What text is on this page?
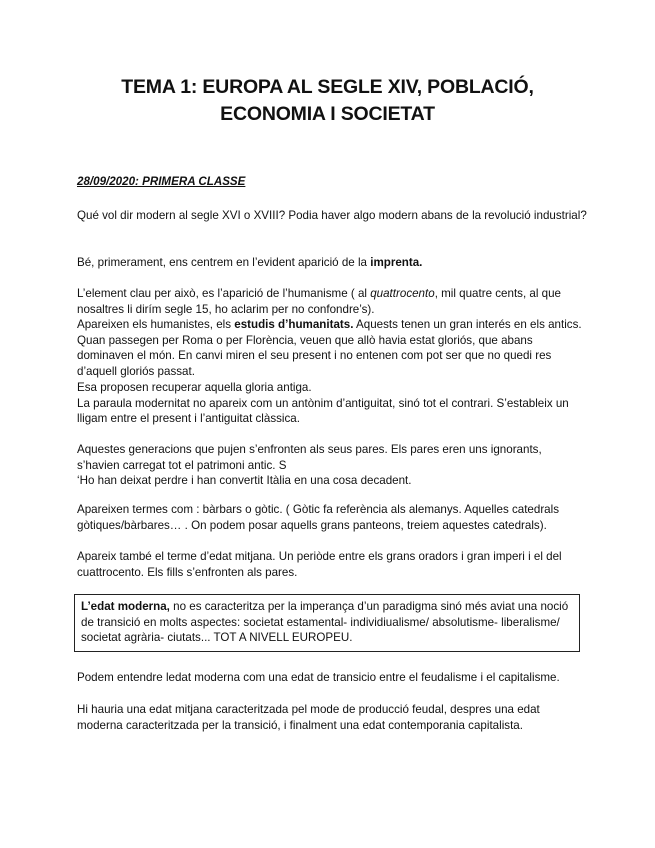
TEMA 1: EUROPA AL SEGLE XIV, POBLACIÓ,
ECONOMIA I SOCIETAT

28/09/2020: PRIMERA CLASSE

Qué vol dir modern al segle XVI o XVIII? Podia haver algo modern abans de la revolució industrial?

Bé, primerament, ens centrem en l’evident aparició de la imprenta.

L’element clau per això, es l’aparició de l’humanisme ( al quattrocento, mil quatre cents, al que nosaltres li dirím segle 15, ho aclarim per no confondre’s).

Apareixen els humanistes, els estudis d’humanitats. Aquests tenen un gran interés en els antics. Quan passegen per Roma o per Florència, veuen que allò havia estat gloriós, que abans dominaven el món. En canvi miren el seu present i no entenen com pot ser que no quedi res d’aquell gloriós passat.
Esa proposen recuperar aquella gloria antiga.
La paraula modernitat no apareix com un antònim d’antiguitat, sinó tot el contrari. S’estableix un lligam entre el present i l’antiguitat clàssica.

Aquestes generacions que pujen s’enfronten als seus pares. Els pares eren uns ignorants, s’havien carregat tot el patrimoni antic. S
‘Ho han deixat perdre i han convertit Itàlia en una cosa decadent.

Apareixen termes com : bàrbars o gòtic. ( Gòtic fa referència als alemanys. Aquelles catedrals gòtiques/bàrbares… . On podem posar aquells grans panteons, treiem aquestes catedrals).

Apareix també el terme d’edat mitjana. Un periòde entre els grans oradors i gran imperi i el del cuattrocento. Els fills s’enfronten als pares.

L’edat moderna, no es caracteritza per la imperança d’un paradigma sinó més aviat una noció de transició en molts aspectes: societat estamental- individiualisme/ absolutisme- liberalisme/ societat agrària- ciutats... TOT A NIVELL EUROPEU.

Podem entendre ledat moderna com una edat de transicio entre el feudalisme i el capitalisme.

Hi hauria una edat mitjana caracteritzada pel mode de producció feudal, despres una edat moderna caracteritzada per la transició, i finalment una edat contemporania capitalista.
